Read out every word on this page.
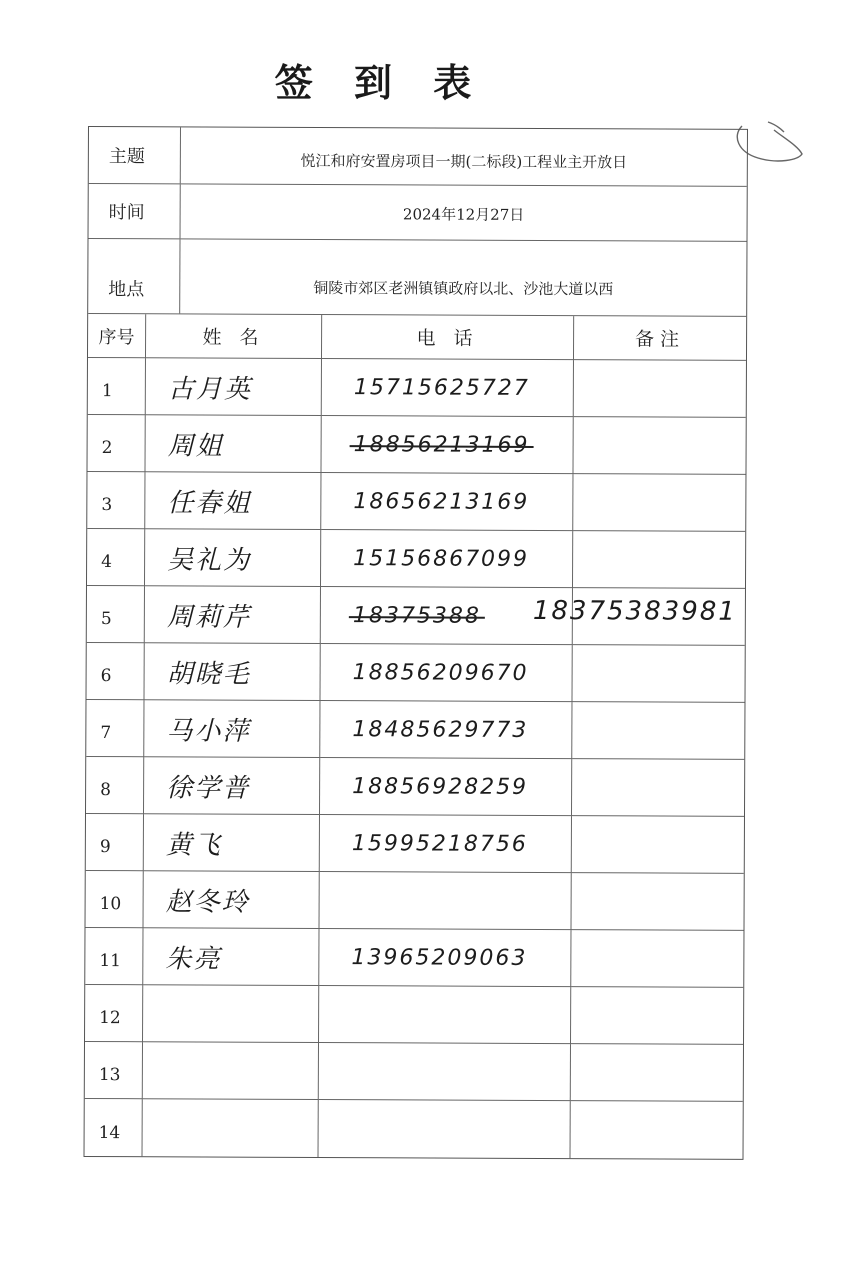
签 到 表
主题	悦江和府安置房项目一期(二标段)工程业主开放日
时间	2024年12月27日
地点	铜陵市郊区老洲镇镇政府以北、沙池大道以西
序号	姓 名	电 话	备注
1 古月英	15715625727
2 周姐	18856213169
3 任春姐	18656213169
4 吴礼为	15156867099
5 周莉芹	18375388 18375383981
6 胡晓毛	18856209670
7 马小萍	18485629773
8 徐学普	18856928259
9 黄飞	15995218756
10 赵冬玲
11 朱亮	13965209063
12
13
14
